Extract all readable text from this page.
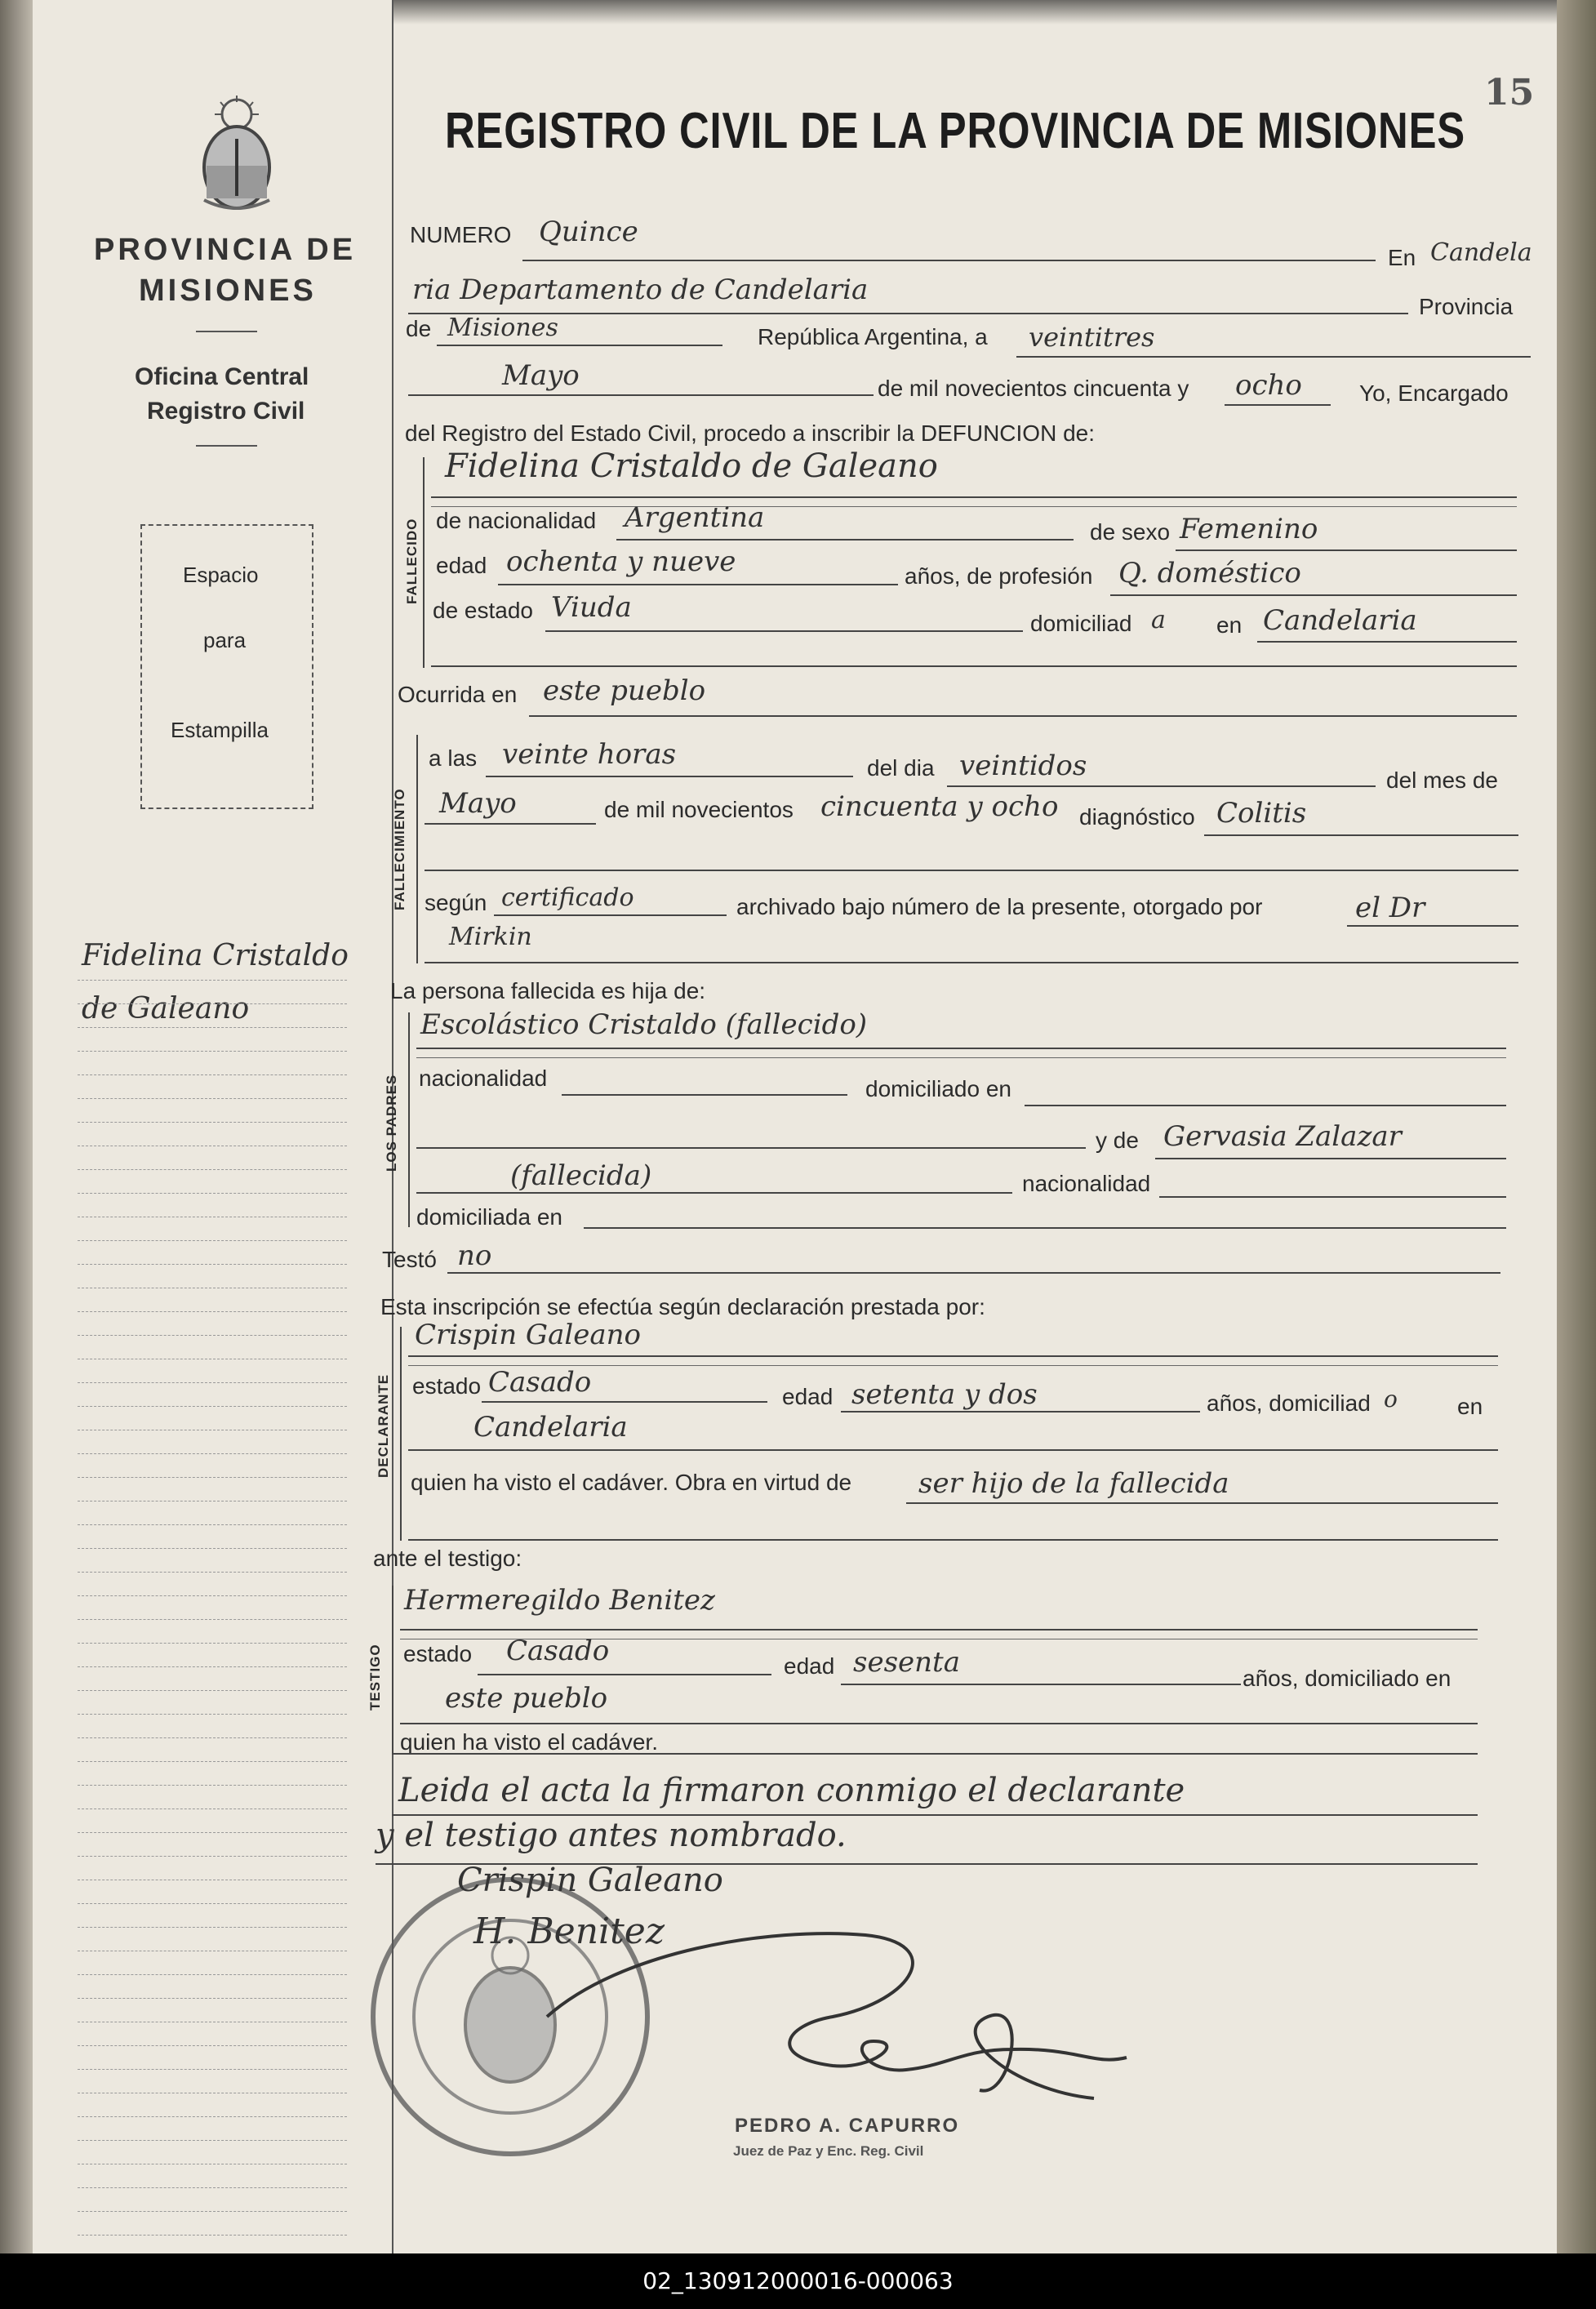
15
REGISTRO CIVIL DE LA PROVINCIA DE MISIONES
PROVINCIA DE
MISIONES
Oficina Central
Registro Civil
Espacio
para
Estampilla
Fidelina Cristaldo
de Galeano
NUMERO Quince
En Candela
ria Departamento de Candelaria
Provincia
de Misiones	República Argentina, a veintitres
Mayo	de mil novecientos cincuenta y ocho	Yo, Encargado
del Registro del Estado Civil, procedo a inscribir la DEFUNCION de:
FALLECIDO
Fidelina Cristaldo de Galeano
de nacionalidad Argentina	de sexo Femenino
edad ochenta y nueve	años, de profesión Q. doméstico
de estado Viuda	domiciliad a en Candelaria
Ocurrida en este pueblo
FALLECIMIENTO
a las veinte horas	del dia veintidos	del mes de
Mayo	de mil novecientos cincuenta y ocho diagnóstico Colitis
según certificado	archivado bajo número de la presente, otorgado por	el Dr
Mirkin
La persona fallecida es hija de:
LOS PADRES
Escolástico Cristaldo (fallecido)
nacionalidad	domiciliado en
y de Gervasia Zalazar
(fallecida)	nacionalidad
domiciliada en
Testó no
Esta inscripción se efectúa según declaración prestada por:
DECLARANTE
Crispin Galeano
estado Casado	edad setenta y dos	años, domiciliad o	en
Candelaria
quien ha visto el cadáver. Obra en virtud de ser hijo de la fallecida
ante el testigo:
TESTIGO
Hermeregildo Benitez
estado Casado	edad sesenta	años, domiciliado en
este pueblo
quien ha visto el cadáver.
Leida el acta la firmaron conmigo el declarante
y el testigo antes nombrado.
Crispin Galeano
H. Benitez
PEDRO A. CAPURRO
Juez de Paz y Enc. Reg. Civil
02_130912000016-000063
